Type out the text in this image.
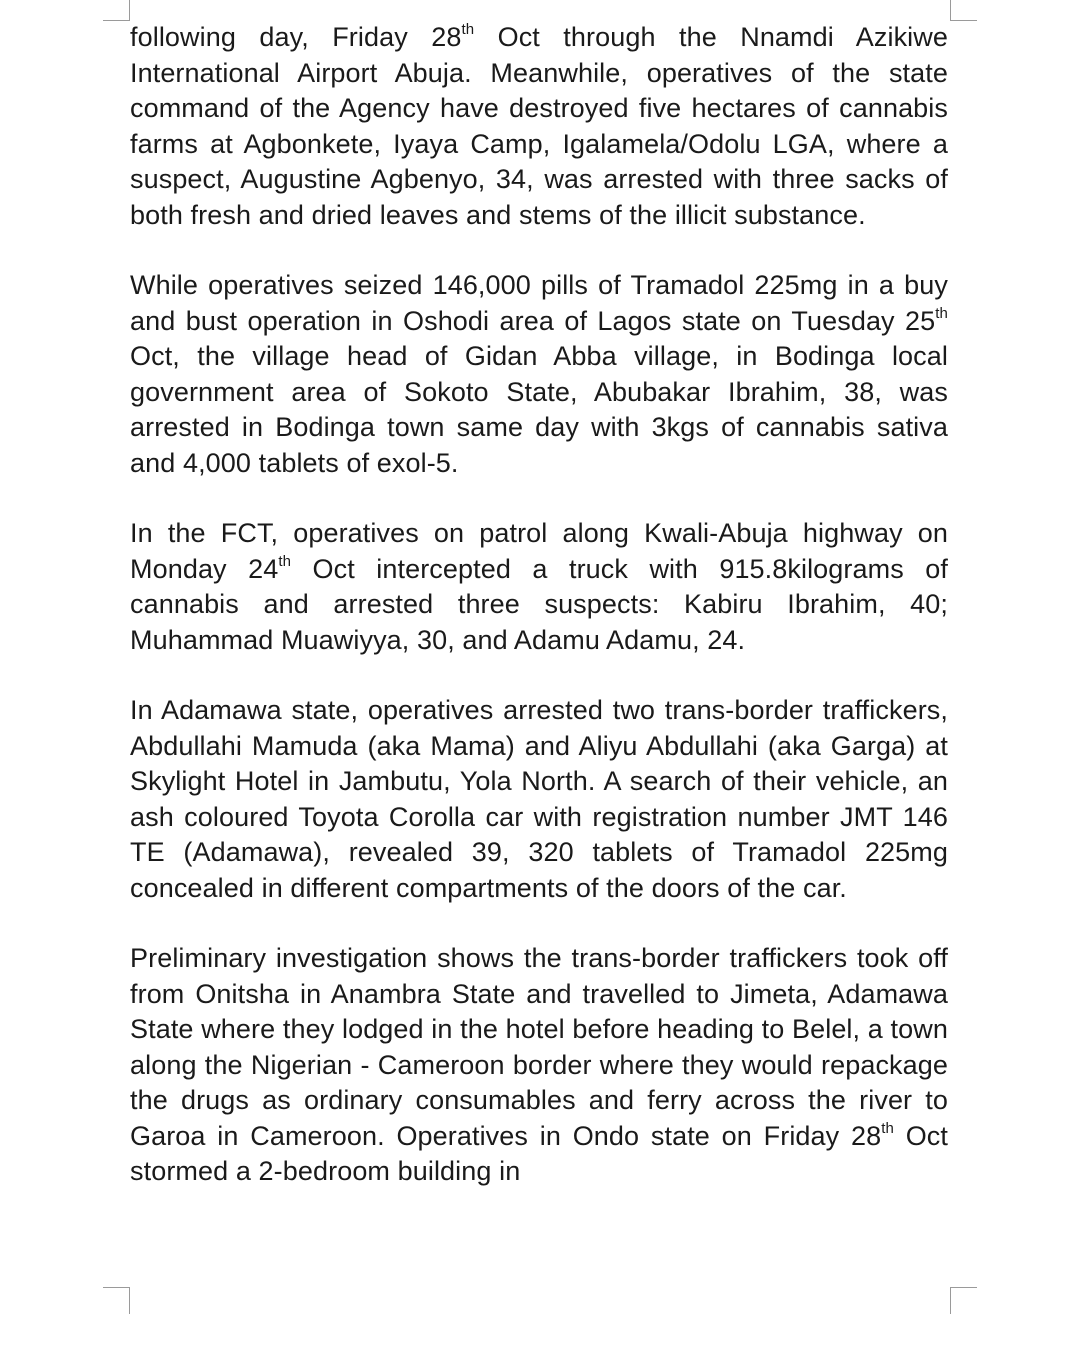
following day, Friday 28th Oct through the Nnamdi Azikiwe International Airport Abuja. Meanwhile, operatives of the state command of the Agency have destroyed five hectares of cannabis farms at Agbonkete, Iyaya Camp, Igalamela/Odolu LGA, where a suspect, Augustine Agbenyo, 34, was arrested with three sacks of both fresh and dried leaves and stems of the illicit substance.

While operatives seized 146,000 pills of Tramadol 225mg in a buy and bust operation in Oshodi area of Lagos state on Tuesday 25th Oct, the village head of Gidan Abba village, in Bodinga local government area of Sokoto State, Abubakar Ibrahim, 38, was arrested in Bodinga town same day with 3kgs of cannabis sativa and 4,000 tablets of exol-5.

In the FCT, operatives on patrol along Kwali-Abuja highway on Monday 24th Oct intercepted a truck with 915.8kilograms of cannabis and arrested three suspects: Kabiru Ibrahim, 40; Muhammad Muawiyya, 30, and Adamu Adamu, 24.

In Adamawa state, operatives arrested two trans-border traffickers, Abdullahi Mamuda (aka Mama) and Aliyu Abdullahi (aka Garga) at Skylight Hotel in Jambutu, Yola North. A search of their vehicle, an ash coloured Toyota Corolla car with registration number JMT 146 TE (Adamawa), revealed 39, 320 tablets of Tramadol 225mg concealed in different compartments of the doors of the car.

Preliminary investigation shows the trans-border traffickers took off from Onitsha in Anambra State and travelled to Jimeta, Adamawa State where they lodged in the hotel before heading to Belel, a town along the Nigerian - Cameroon border where they would repackage the drugs as ordinary consumables and ferry across the river to Garoa in Cameroon. Operatives in Ondo state on Friday 28th Oct stormed a 2-bedroom building in
